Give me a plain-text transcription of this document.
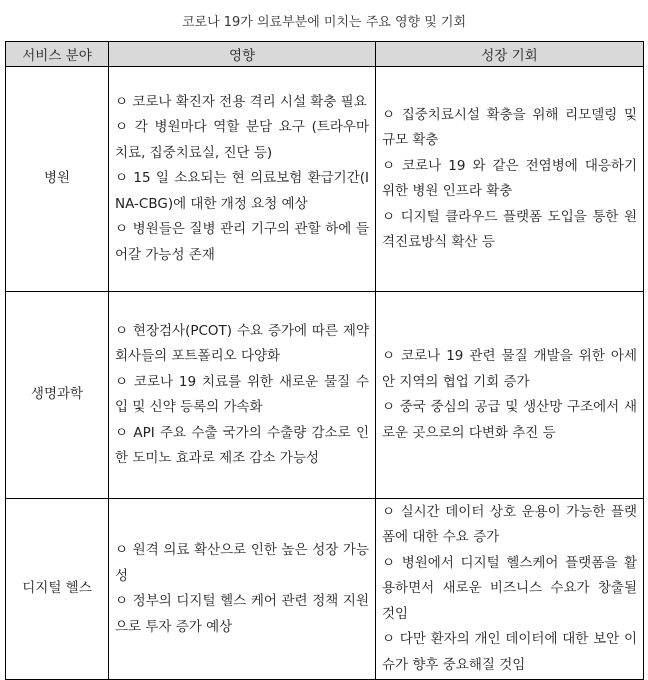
코로나 19가 의료부분에 미치는 주요 영향 및 기회
서비스 분야	영향	성장 기회
병원	ㅇ 코로나 확진자 전용 격리 시설 확충 필요
ㅇ 각 병원마다 역할 분담 요구 (트라우마 치료, 집중치료실, 진단 등)
ㅇ 15 일 소요되는 현 의료보험 환급기간(INA-CBG)에 대한 개정 요청 예상
ㅇ 병원들은 질병 관리 기구의 관할 하에 들어갈 가능성 존재	ㅇ 집중치료시설 확충을 위해 리모델링 및 규모 확충
ㅇ 코로나 19 와 같은 전염병에 대응하기 위한 병원 인프라 확충
ㅇ 디지털 클라우드 플랫폼 도입을 통한 원격진료방식 확산 등

생명과학	ㅇ 현장검사(PCOT) 수요 증가에 따른 제약 회사들의 포트폴리오 다양화
ㅇ 코로나 19 치료를 위한 새로운 물질 수입 및 신약 등록의 가속화
ㅇ API 주요 수출 국가의 수출량 감소로 인한 도미노 효과로 제조 감소 가능성	ㅇ 코로나 19 관련 물질 개발을 위한 아세안 지역의 협업 기회 증가
ㅇ 중국 중심의 공급 및 생산망 구조에서 새로운 곳으로의 다변화 추진 등

디지털 헬스	ㅇ 원격 의료 확산으로 인한 높은 성장 가능성
ㅇ 정부의 디지털 헬스 케어 관련 정책 지원으로 투자 증가 예상	ㅇ 실시간 데이터 상호 운용이 가능한 플랫폼에 대한 수요 증가
ㅇ 병원에서 디지털 헬스케어 플랫폼을 활용하면서 새로운 비즈니스 수요가 창출될 것임
ㅇ 다만 환자의 개인 데이터에 대한 보안 이슈가 향후 중요해질 것임
